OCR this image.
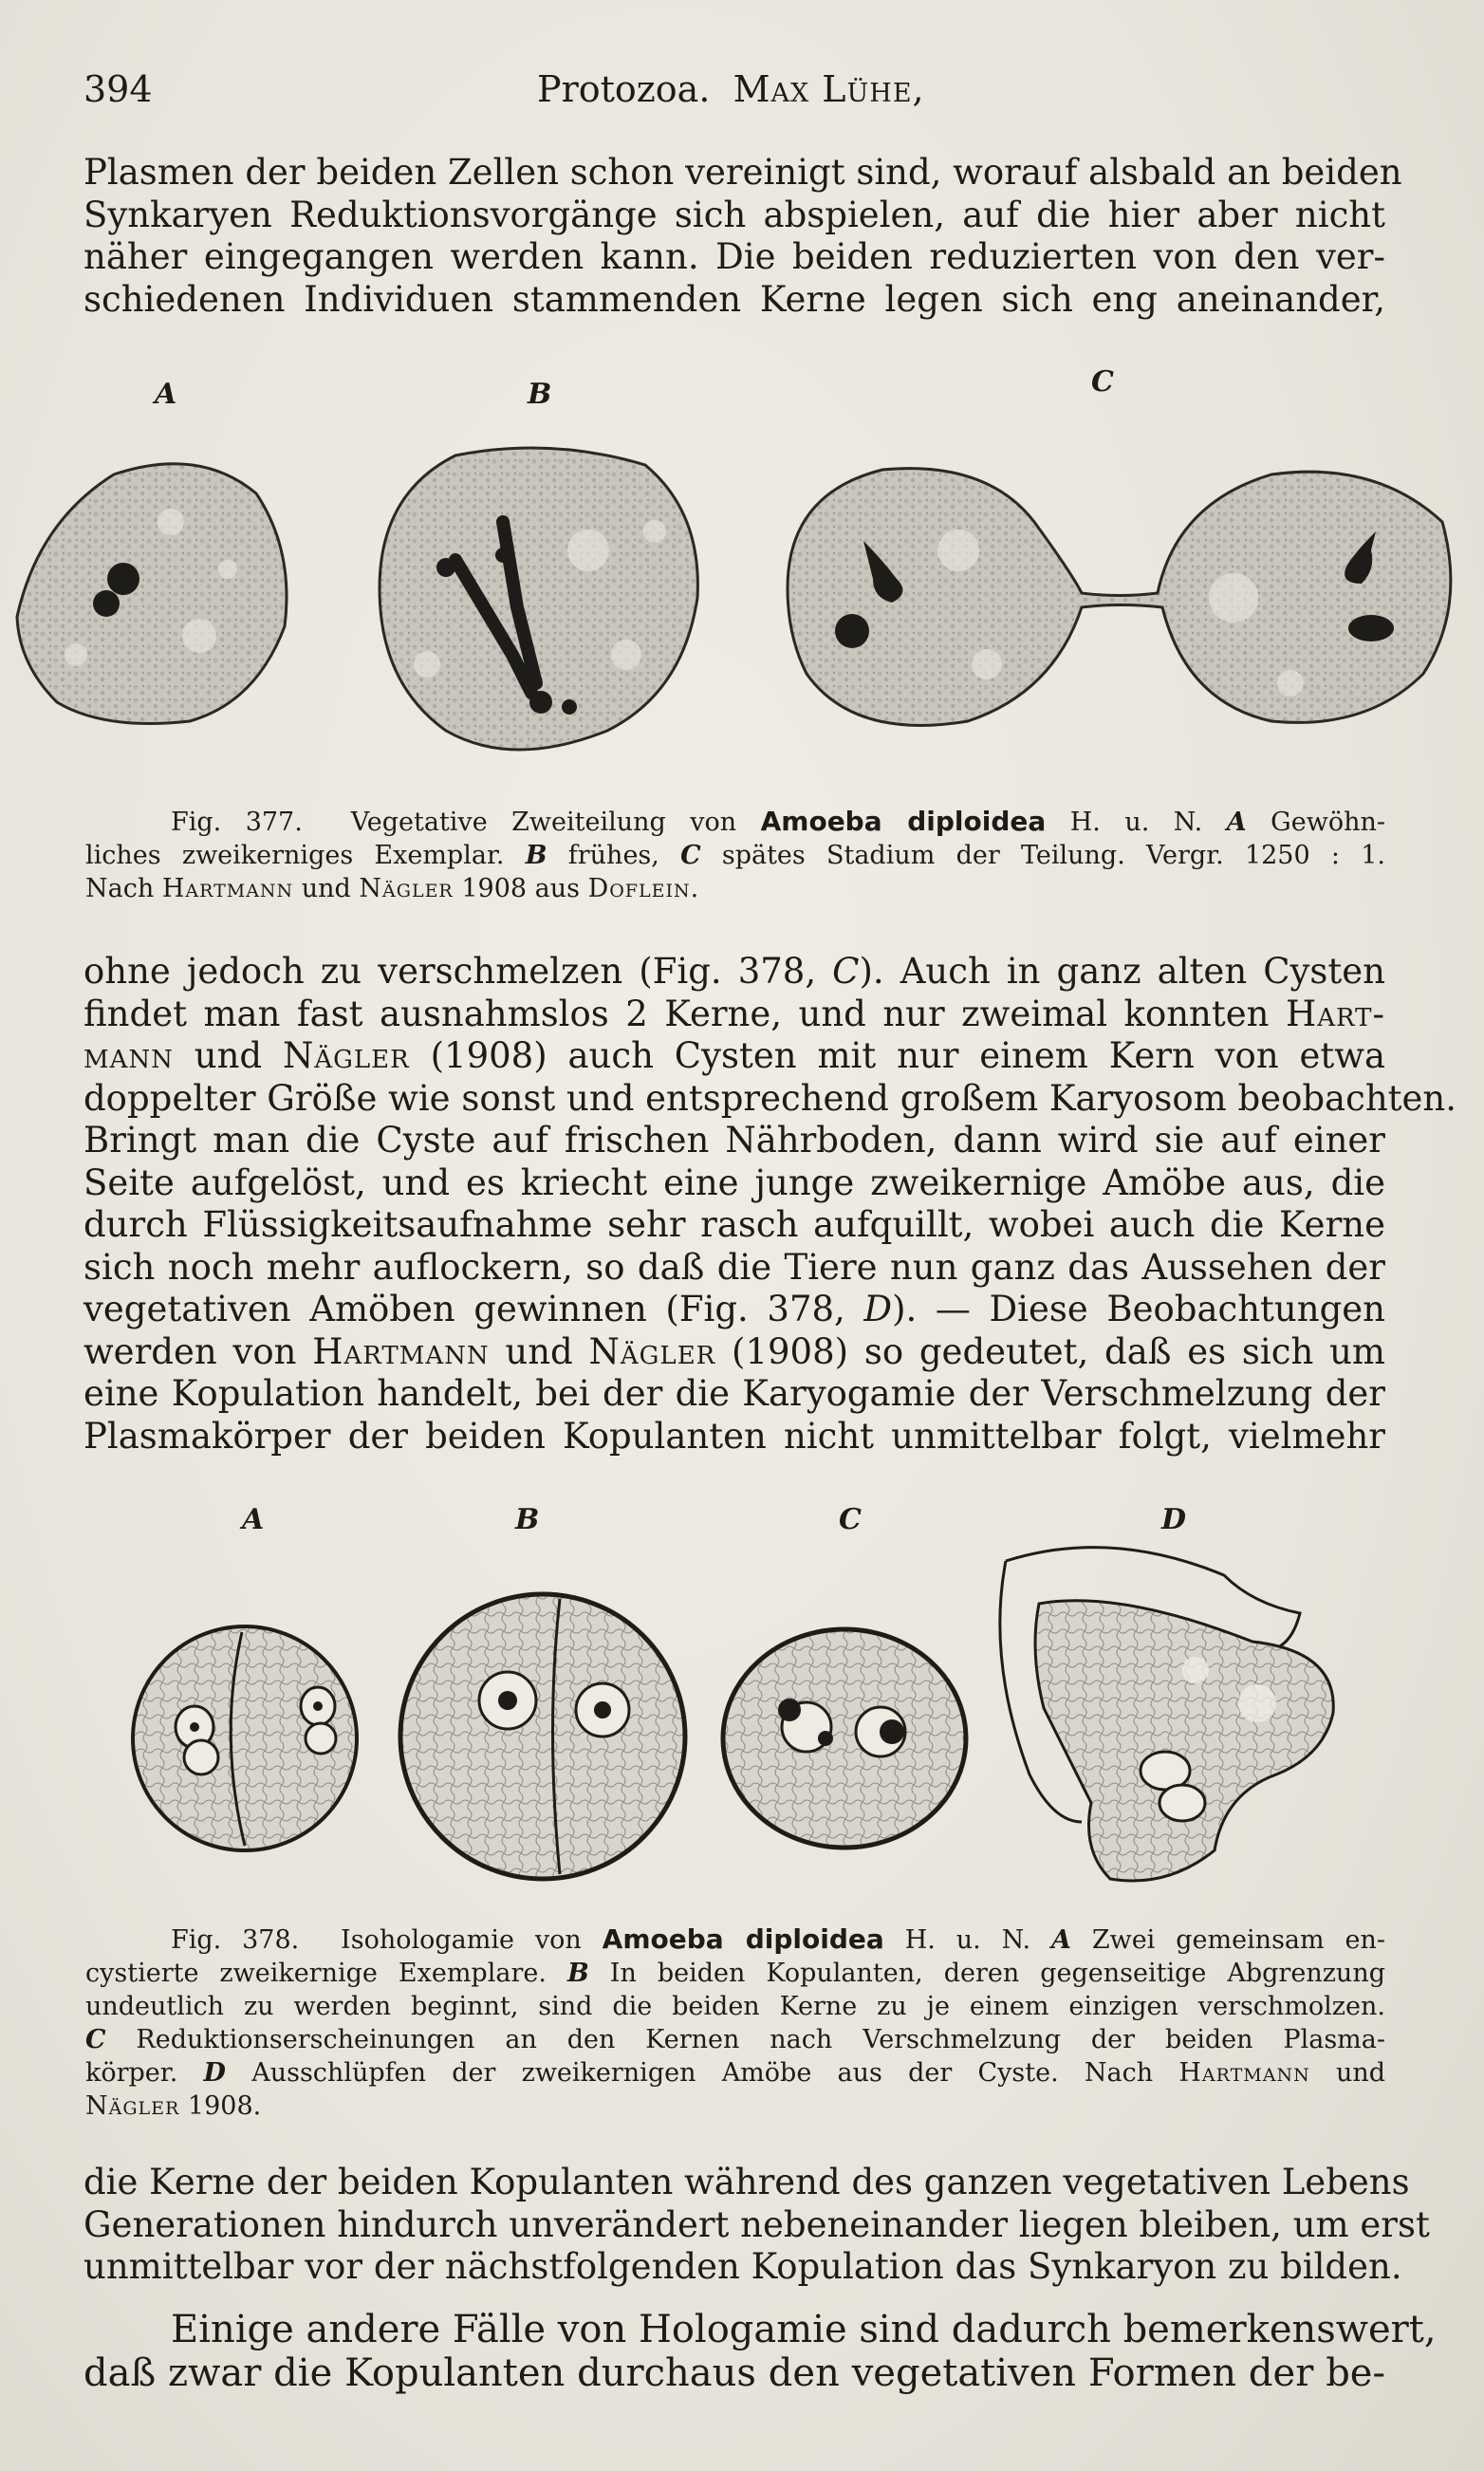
394	Protozoa. Max Lühe,
Plasmen der beiden Zellen schon vereinigt sind, worauf alsbald an beiden
Synkaryen Reduktionsvorgänge sich abspielen, auf die hier aber nicht
näher eingegangen werden kann. Die beiden reduzierten von den ver-
schiedenen Individuen stammenden Kerne legen sich eng aneinander,
A	B	C
Fig. 377. Vegetative Zweiteilung von Amoeba diploidea H. u. N. A Gewöhn-
liches zweikerniges Exemplar. B frühes, C spätes Stadium der Teilung. Vergr. 1250 : 1.
Nach Hartmann und Nägler 1908 aus Doflein.
ohne jedoch zu verschmelzen (Fig. 378, C). Auch in ganz alten Cysten
findet man fast ausnahmslos 2 Kerne, und nur zweimal konnten Hart-
mann und Nägler (1908) auch Cysten mit nur einem Kern von etwa
doppelter Größe wie sonst und entsprechend großem Karyosom beobachten.
Bringt man die Cyste auf frischen Nährboden, dann wird sie auf einer
Seite aufgelöst, und es kriecht eine junge zweikernige Amöbe aus, die
durch Flüssigkeitsaufnahme sehr rasch aufquillt, wobei auch die Kerne
sich noch mehr auflockern, so daß die Tiere nun ganz das Aussehen der
vegetativen Amöben gewinnen (Fig. 378, D). — Diese Beobachtungen
werden von Hartmann und Nägler (1908) so gedeutet, daß es sich um
eine Kopulation handelt, bei der die Karyogamie der Verschmelzung der
Plasmakörper der beiden Kopulanten nicht unmittelbar folgt, vielmehr
A	B	C	D
Fig. 378. Isohologamie von Amoeba diploidea H. u. N. A Zwei gemeinsam en-
cystierte zweikernige Exemplare. B In beiden Kopulanten, deren gegenseitige Abgrenzung
undeutlich zu werden beginnt, sind die beiden Kerne zu je einem einzigen verschmolzen.
C Reduktionserscheinungen an den Kernen nach Verschmelzung der beiden Plasma-
körper. D Ausschlüpfen der zweikernigen Amöbe aus der Cyste. Nach Hartmann und
Nägler 1908.
die Kerne der beiden Kopulanten während des ganzen vegetativen Lebens
Generationen hindurch unverändert nebeneinander liegen bleiben, um erst
unmittelbar vor der nächstfolgenden Kopulation das Synkaryon zu bilden.
Einige andere Fälle von Hologamie sind dadurch bemerkenswert,
daß zwar die Kopulanten durchaus den vegetativen Formen der be-
